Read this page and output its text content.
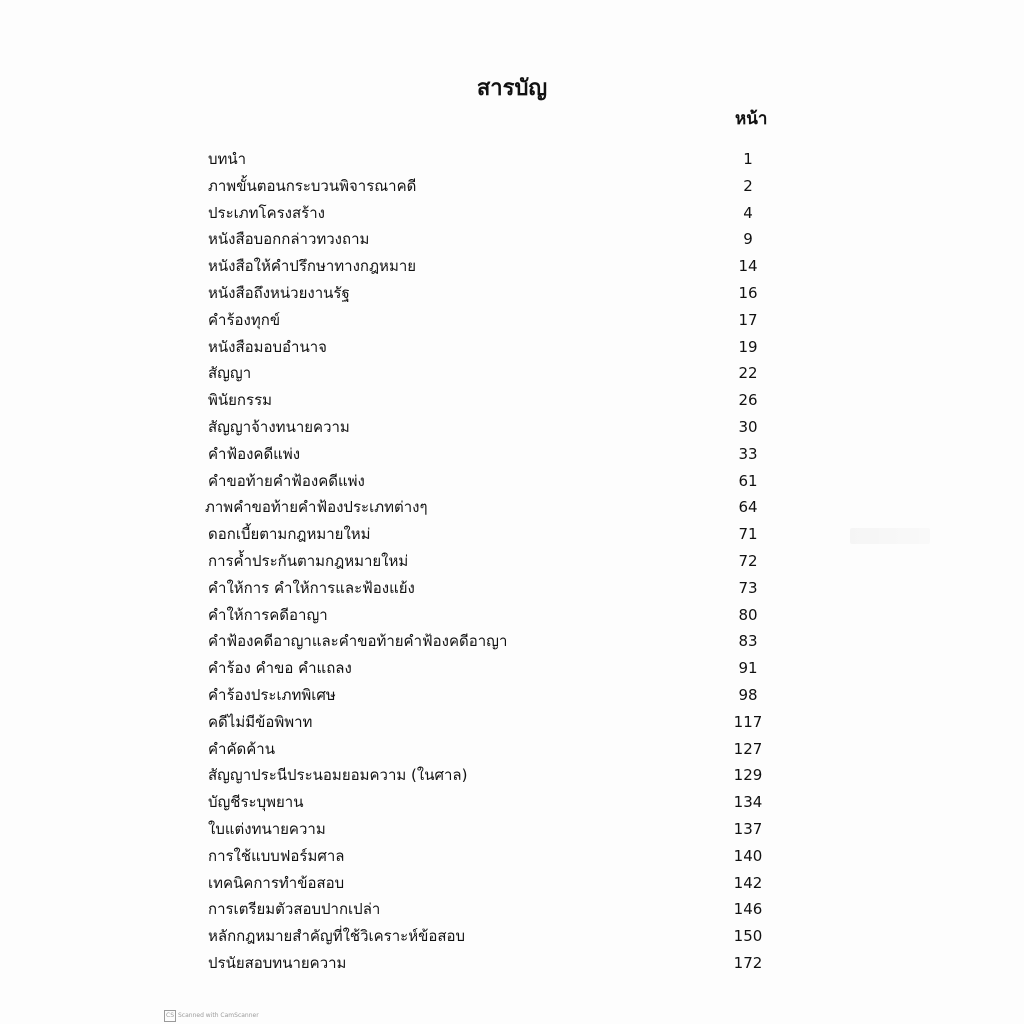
สารบัญ
หน้า
บทนำ	1
ภาพขั้นตอนกระบวนพิจารณาคดี	2
ประเภทโครงสร้าง	4
หนังสือบอกกล่าวทวงถาม	9
หนังสือให้คำปรึกษาทางกฎหมาย	14
หนังสือถึงหน่วยงานรัฐ	16
คำร้องทุกข์	17
หนังสือมอบอำนาจ	19
สัญญา	22
พินัยกรรม	26
สัญญาจ้างทนายความ	30
คำฟ้องคดีแพ่ง	33
คำขอท้ายคำฟ้องคดีแพ่ง	61
ภาพคำขอท้ายคำฟ้องประเภทต่างๆ	64
ดอกเบี้ยตามกฎหมายใหม่	71
การค้ำประกันตามกฎหมายใหม่	72
คำให้การ คำให้การและฟ้องแย้ง	73
คำให้การคดีอาญา	80
คำฟ้องคดีอาญาและคำขอท้ายคำฟ้องคดีอาญา	83
คำร้อง คำขอ คำแถลง	91
คำร้องประเภทพิเศษ	98
คดีไม่มีข้อพิพาท	117
คำคัดค้าน	127
สัญญาประนีประนอมยอมความ (ในศาล)	129
บัญชีระบุพยาน	134
ใบแต่งทนายความ	137
การใช้แบบฟอร์มศาล	140
เทคนิคการทำข้อสอบ	142
การเตรียมตัวสอบปากเปล่า	146
หลักกฎหมายสำคัญที่ใช้วิเคราะห์ข้อสอบ	150
ปรนัยสอบทนายความ	172
CS Scanned with CamScanner
